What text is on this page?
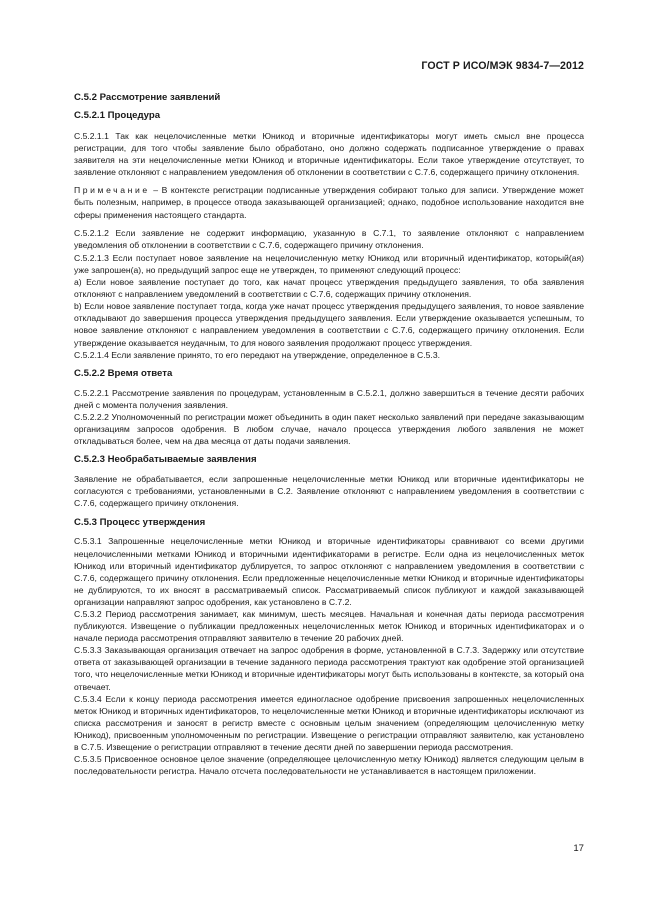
ГОСТ Р ИСО/МЭК 9834-7—2012
С.5.2 Рассмотрение заявлений
С.5.2.1 Процедура

C.5.2.1.1 Так как нецелочисленные метки Юникод и вторичные идентификаторы могут иметь смысл вне процесса регистрации, для того чтобы заявление было обработано, оно должно содержать подписанное утверждение о правах заявителя на эти нецелочисленные метки Юникод и вторичные идентификаторы. Если такое утверждение отсутствует, то заявление отклоняют с направлением уведомления об отклонении в соответствии с С.7.6, содержащего причину отклонения.

Примечание – В контексте регистрации подписанные утверждения собирают только для записи. Утверждение может быть полезным, например, в процессе отвода заказывающей организацией; однако, подобное использование находится вне сферы применения настоящего стандарта.

С.5.2.1.2 Если заявление не содержит информацию, указанную в С.7.1, то заявление отклоняют с направлением уведомления об отклонении в соответствии с С.7.6, содержащего причину отклонения.

С.5.2.1.3 Если поступает новое заявление на нецелочисленную метку Юникод или вторичный идентификатор, который(ая) уже запрошен(а), но предыдущий запрос еще не утвержден, то применяют следующий процесс:

a) Если новое заявление поступает до того, как начат процесс утверждения предыдущего заявления, то оба заявления отклоняют с направлением уведомлений в соответствии с С.7.6, содержащих причину отклонения.

b) Если новое заявление поступает тогда, когда уже начат процесс утверждения предыдущего заявления, то новое заявление откладывают до завершения процесса утверждения предыдущего заявления. Если утверждение оказывается успешным, то новое заявление отклоняют с направлением уведомления в соответствии с С.7.6, содержащего причину отклонения. Если утверждение оказывается неудачным, то для нового заявления продолжают процесс утверждения.

С.5.2.1.4 Если заявление принято, то его передают на утверждение, определенное в С.5.3.

С.5.2.2 Время ответа

С.5.2.2.1 Рассмотрение заявления по процедурам, установленным в С.5.2.1, должно завершиться в течение десяти рабочих дней с момента получения заявления.

С.5.2.2.2 Уполномоченный по регистрации может объединить в один пакет несколько заявлений при передаче заказывающим организациям запросов одобрения. В любом случае, начало процесса утверждения любого заявления не может откладываться более, чем на два месяца от даты подачи заявления.

С.5.2.3 Необрабатываемые заявления

Заявление не обрабатывается, если запрошенные нецелочисленные метки Юникод или вторичные идентификаторы не согласуются с требованиями, установленными в С.2. Заявление отклоняют с направлением уведомления в соответствии с С.7.6, содержащего причину отклонения.

С.5.3 Процесс утверждения

С.5.3.1 Запрошенные нецелочисленные метки Юникод и вторичные идентификаторы сравнивают со всеми другими нецелочисленными метками Юникод и вторичными идентификаторами в регистре. Если одна из нецелочисленных меток Юникод или вторичный идентификатор дублируется, то запрос отклоняют с направлением уведомления в соответствии с С.7.6, содержащего причину отклонения. Если предложенные нецелочисленные метки Юникод и вторичные идентификаторы не дублируются, то их вносят в рассматриваемый список. Рассматриваемый список публикуют и каждой заказывающей организации направляют запрос одобрения, как установлено в С.7.2.

С.5.3.2 Период рассмотрения занимает, как минимум, шесть месяцев. Начальная и конечная даты периода рассмотрения публикуются. Извещение о публикации предложенных нецелочисленных меток Юникод и вторичных идентификаторах и о начале периода рассмотрения отправляют заявителю в течение 20 рабочих дней.

С.5.3.3 Заказывающая организация отвечает на запрос одобрения в форме, установленной в С.7.3. Задержку или отсутствие ответа от заказывающей организации в течение заданного периода рассмотрения трактуют как одобрение этой организацией того, что нецелочисленные метки Юникод и вторичные идентификаторы могут быть использованы в контексте, за который она отвечает.

С.5.3.4 Если к концу периода рассмотрения имеется единогласное одобрение присвоения запрошенных нецелочисленных меток Юникод и вторичных идентификаторов, то нецелочисленные метки Юникод и вторичные идентификаторы исключают из списка рассмотрения и заносят в регистр вместе с основным целым значением (определяющим целочисленную метку Юникод), присвоенным уполномоченным по регистрации. Извещение о регистрации отправляют заявителю, как установлено в С.7.5. Извещение о регистрации отправляют в течение десяти дней по завершении периода рассмотрения.

С.5.3.5 Присвоенное основное целое значение (определяющее целочисленную метку Юникод) является следующим целым в последовательности регистра. Начало отсчета последовательности не устанавливается в настоящем приложении.

17
